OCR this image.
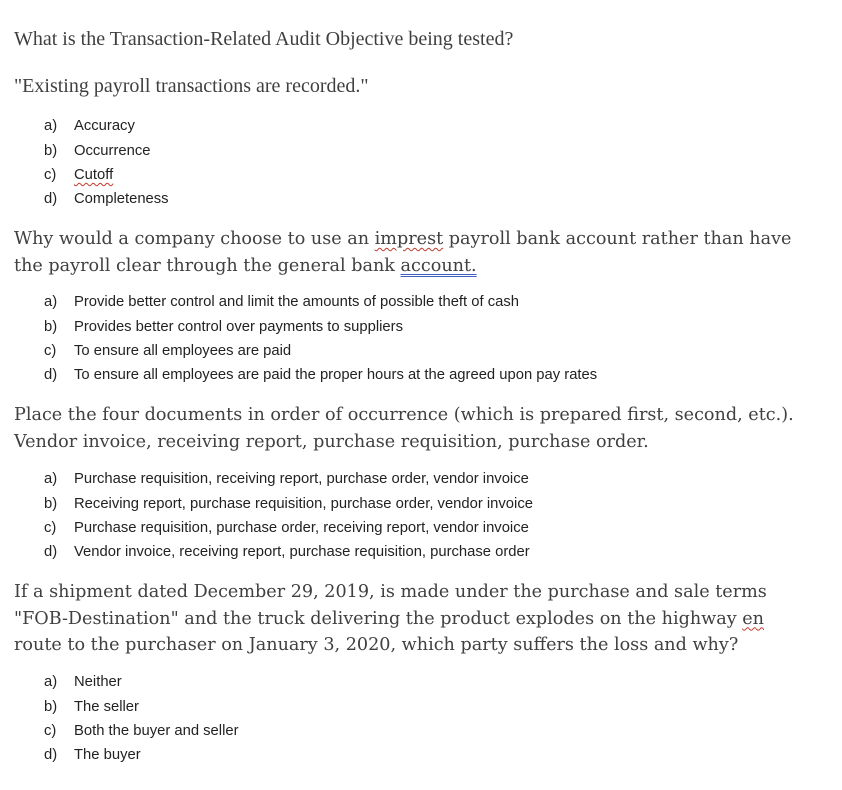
What is the Transaction-Related Audit Objective being tested?

"Existing payroll transactions are recorded."

a)	Accuracy
b)	Occurrence
c)	Cutoff
d)	Completeness

Why would a company choose to use an imprest payroll bank account rather than have the payroll clear through the general bank account.

a)	Provide better control and limit the amounts of possible theft of cash
b)	Provides better control over payments to suppliers
c)	To ensure all employees are paid
d)	To ensure all employees are paid the proper hours at the agreed upon pay rates

Place the four documents in order of occurrence (which is prepared first, second, etc.). Vendor invoice, receiving report, purchase requisition, purchase order.

a)	Purchase requisition, receiving report, purchase order, vendor invoice
b)	Receiving report, purchase requisition, purchase order, vendor invoice
c)	Purchase requisition, purchase order, receiving report, vendor invoice
d)	Vendor invoice, receiving report, purchase requisition, purchase order

If a shipment dated December 29, 2019, is made under the purchase and sale terms "FOB-Destination" and the truck delivering the product explodes on the highway en route to the purchaser on January 3, 2020, which party suffers the loss and why?

a)	Neither
b)	The seller
c)	Both the buyer and seller
d)	The buyer
